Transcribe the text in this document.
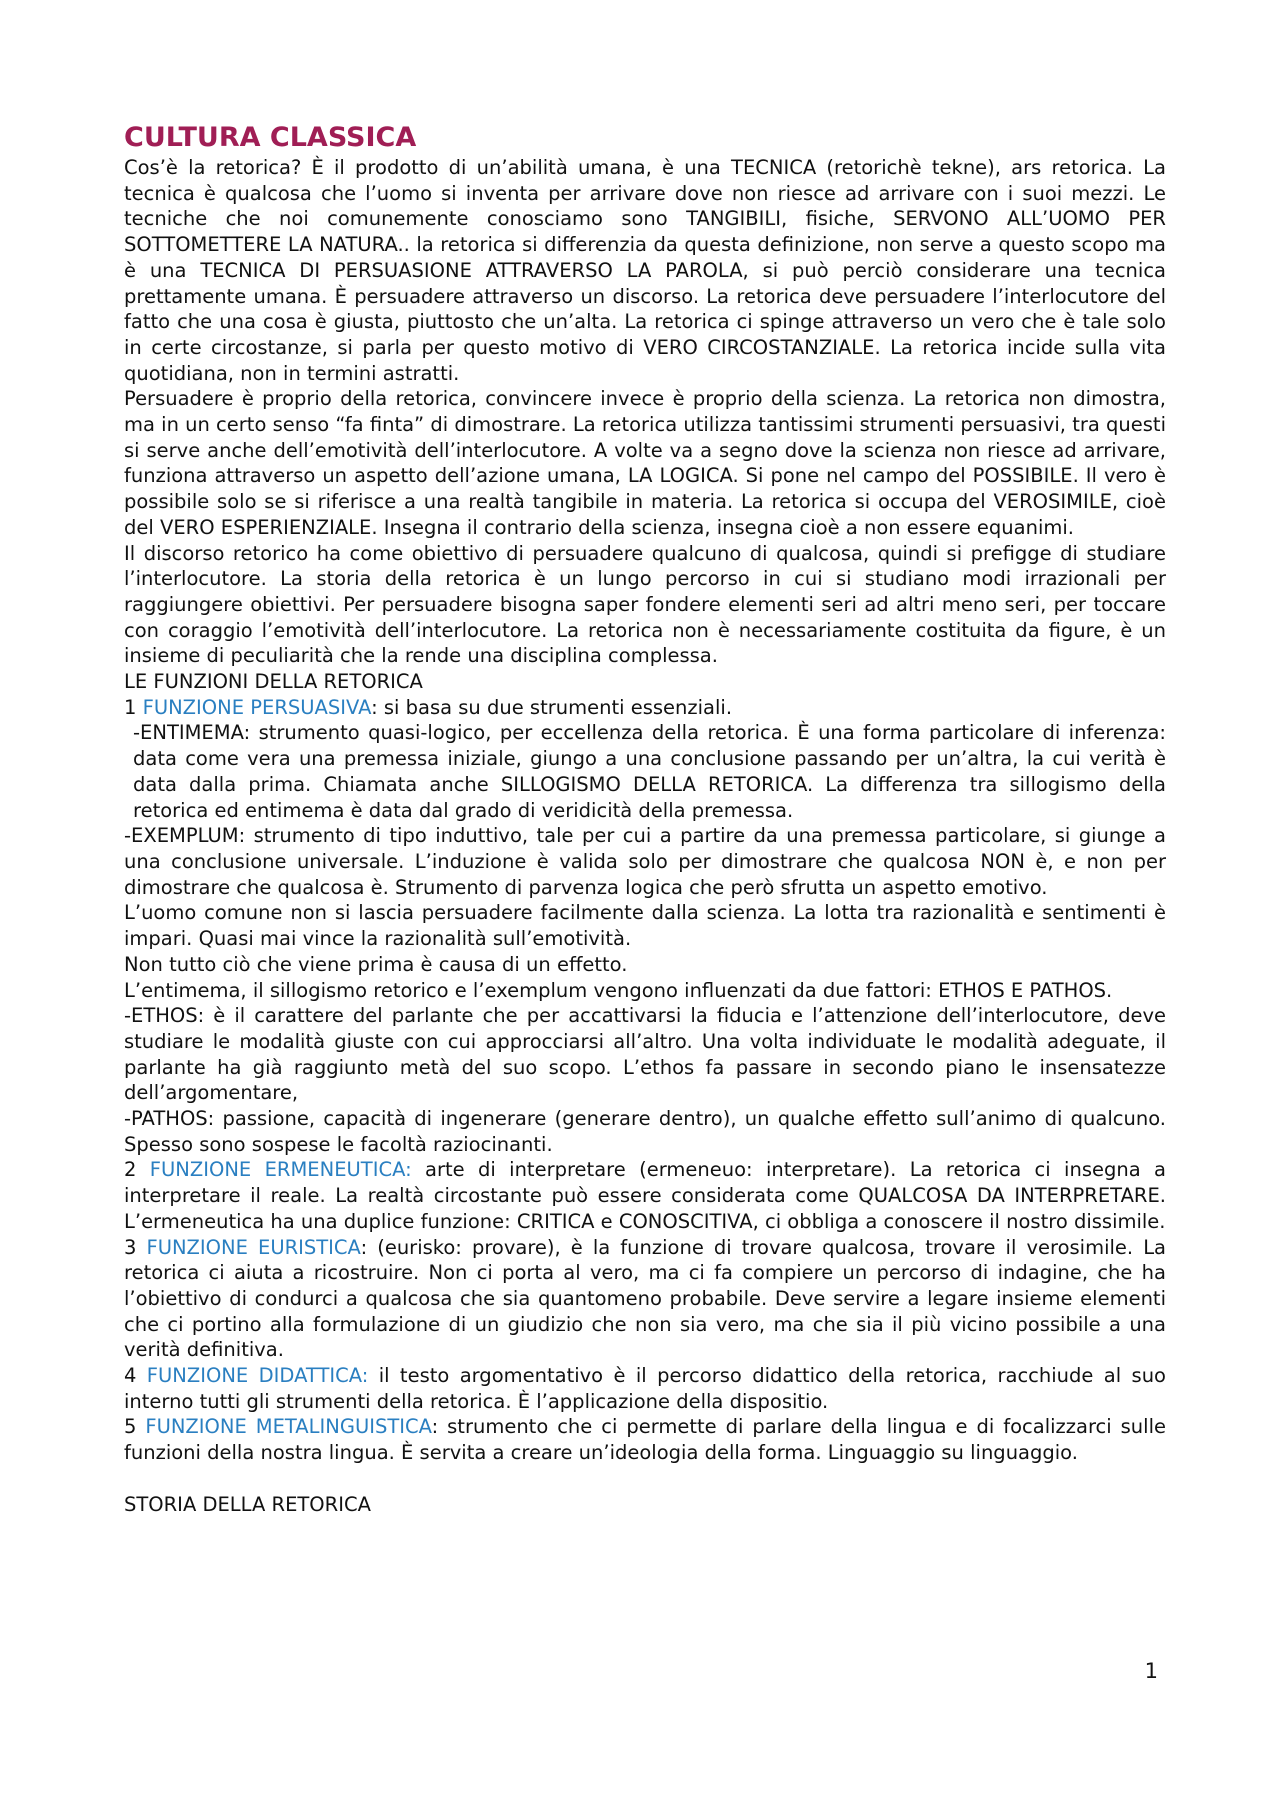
CULTURA CLASSICA

Cos’è la retorica? È il prodotto di un’abilità umana, è una TECNICA (retorichè tekne), ars retorica. La tecnica è qualcosa che l’uomo si inventa per arrivare dove non riesce ad arrivare con i suoi mezzi. Le tecniche che noi comunemente conosciamo sono TANGIBILI, fisiche, SERVONO ALL’UOMO PER SOTTOMETTERE LA NATURA.. la retorica si differenzia da questa definizione, non serve a questo scopo ma è una TECNICA DI PERSUASIONE ATTRAVERSO LA PAROLA, si può perciò considerare una tecnica prettamente umana. È persuadere attraverso un discorso. La retorica deve persuadere l’interlocutore del fatto che una cosa è giusta, piuttosto che un’alta. La retorica ci spinge attraverso un vero che è tale solo in certe circostanze, si parla per questo motivo di VERO CIRCOSTANZIALE. La retorica incide sulla vita quotidiana, non in termini astratti.

Persuadere è proprio della retorica, convincere invece è proprio della scienza. La retorica non dimostra, ma in un certo senso “fa finta” di dimostrare. La retorica utilizza tantissimi strumenti persuasivi, tra questi si serve anche dell’emotività dell’interlocutore. A volte va a segno dove la scienza non riesce ad arrivare, funziona attraverso un aspetto dell’azione umana, LA LOGICA. Si pone nel campo del POSSIBILE. Il vero è possibile solo se si riferisce a una realtà tangibile in materia. La retorica si occupa del VEROSIMILE, cioè del VERO ESPERIENZIALE. Insegna il contrario della scienza, insegna cioè a non essere equanimi.

Il discorso retorico ha come obiettivo di persuadere qualcuno di qualcosa, quindi si prefigge di studiare l’interlocutore. La storia della retorica è un lungo percorso in cui si studiano modi irrazionali per raggiungere obiettivi. Per persuadere bisogna saper fondere elementi seri ad altri meno seri, per toccare con coraggio l’emotività dell’interlocutore. La retorica non è necessariamente costituita da figure, è un insieme di peculiarità che la rende una disciplina complessa.

LE FUNZIONI DELLA RETORICA

1 FUNZIONE PERSUASIVA: si basa su due strumenti essenziali.

-ENTIMEMA: strumento quasi-logico, per eccellenza della retorica. È una forma particolare di inferenza: data come vera una premessa iniziale, giungo a una conclusione passando per un’altra, la cui verità è data dalla prima. Chiamata anche SILLOGISMO DELLA RETORICA. La differenza tra sillogismo della retorica ed entimema è data dal grado di veridicità della premessa.

-EXEMPLUM: strumento di tipo induttivo, tale per cui a partire da una premessa particolare, si giunge a una conclusione universale. L’induzione è valida solo per dimostrare che qualcosa NON è, e non per dimostrare che qualcosa è. Strumento di parvenza logica che però sfrutta un aspetto emotivo.

L’uomo comune non si lascia persuadere facilmente dalla scienza. La lotta tra razionalità e sentimenti è impari. Quasi mai vince la razionalità sull’emotività.

Non tutto ciò che viene prima è causa di un effetto.

L’entimema, il sillogismo retorico e l’exemplum vengono influenzati da due fattori: ETHOS E PATHOS.

-ETHOS: è il carattere del parlante che per accattivarsi la fiducia e l’attenzione dell’interlocutore, deve studiare le modalità giuste con cui approcciarsi all’altro. Una volta individuate le modalità adeguate, il parlante ha già raggiunto metà del suo scopo. L’ethos fa passare in secondo piano le insensatezze dell’argomentare,

-PATHOS: passione, capacità di ingenerare (generare dentro), un qualche effetto sull’animo di qualcuno. Spesso sono sospese le facoltà raziocinanti.

2 FUNZIONE ERMENEUTICA: arte di interpretare (ermeneuo: interpretare). La retorica ci insegna a interpretare il reale. La realtà circostante può essere considerata come QUALCOSA DA INTERPRETARE. L’ermeneutica ha una duplice funzione: CRITICA e CONOSCITIVA, ci obbliga a conoscere il nostro dissimile.

3 FUNZIONE EURISTICA: (eurisko: provare), è la funzione di trovare qualcosa, trovare il verosimile. La retorica ci aiuta a ricostruire. Non ci porta al vero, ma ci fa compiere un percorso di indagine, che ha l’obiettivo di condurci a qualcosa che sia quantomeno probabile. Deve servire a legare insieme elementi che ci portino alla formulazione di un giudizio che non sia vero, ma che sia il più vicino possibile a una verità definitiva.

4 FUNZIONE DIDATTICA: il testo argomentativo è il percorso didattico della retorica, racchiude al suo interno tutti gli strumenti della retorica. È l’applicazione della dispositio.

5 FUNZIONE METALINGUISTICA: strumento che ci permette di parlare della lingua e di focalizzarci sulle funzioni della nostra lingua. È servita a creare un’ideologia della forma. Linguaggio su linguaggio.

STORIA DELLA RETORICA

1
